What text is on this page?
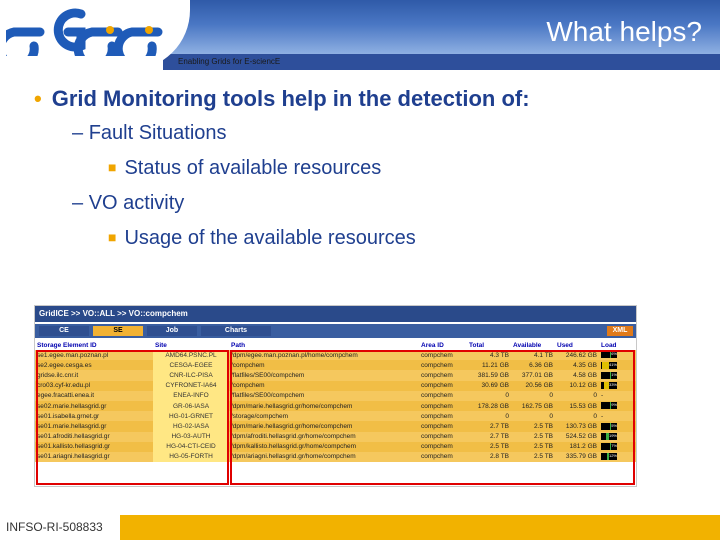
What helps?
Enabling Grids for E-sciencE
• Grid Monitoring tools help in the detection of:
– Fault Situations
■ Status of available resources
– VO activity
■ Usage of the available resources
GridICE >> VO::ALL >> VO::compchem
CE	SE	Job	Charts	XML
Storage Element ID	Site	Path	Area ID	Total	Available	Used	Load
se1.egee.man.poznan.pl	AMD64.PSNC.PL	/dpm/egee.man.poznan.pl/home/compchem	compchem	4.3 TB	4.1 TB	246.62 GB	6%
se2.egee.cesga.es	CESGA-EGEE	/compchem	compchem	11.21 GB	6.36 GB	4.35 GB	41%
gridse.ilc.cnr.it	CNR-ILC-PISA	/flatfiles/SE00/compchem	compchem	381.59 GB	377.01 GB	4.58 GB	1%
cro03.cyf-kr.edu.pl	CYFRONET-IA64	/compchem	compchem	30.69 GB	20.56 GB	10.12 GB	33%
egee.fracatti.enea.it	ENEA-INFO	/flatfiles/SE00/compchem	compchem	0	0	0	-
se02.marie.hellasgrid.gr	GR-06-IASA	/dpm/marie.hellasgrid.gr/home/compchem	compchem	178.28 GB	162.75 GB	15.53 GB	9%
se01.isabella.grnet.gr	HG-01-GRNET	/storage/compchem	compchem	0	0	0	-
se01.marie.hellasgrid.gr	HG-02-IASA	/dpm/marie.hellasgrid.gr/home/compchem	compchem	2.7 TB	2.5 TB	130.73 GB	5%
se01.afroditi.hellasgrid.gr	HG-03-AUTH	/dpm/afroditi.hellasgrid.gr/home/compchem	compchem	2.7 TB	2.5 TB	524.52 GB	19%
se01.kallisto.hellasgrid.gr	HG-04-CTI-CEID	/dpm/kallisto.hellasgrid.gr/home/compchem	compchem	2.5 TB	2.5 TB	181.2 GB	7%
se01.ariagni.hellasgrid.gr	HG-05-FORTH	/dpm/ariagni.hellasgrid.gr/home/compchem	compchem	2.8 TB	2.5 TB	335.79 GB	12%
INFSO-RI-508833
